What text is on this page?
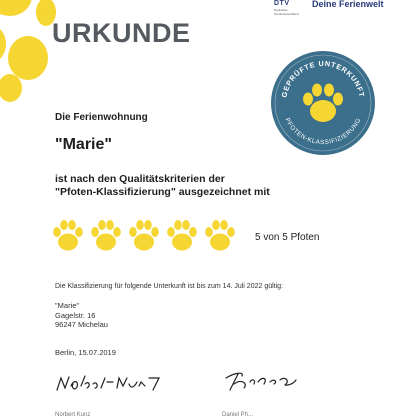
DTV
Deutscher Tourismusverband
Deine Ferienwelt
URKUNDE
GEPRÜFTE UNTERKUNFT
PFOTEN-KLASSIFIZIERUNG
Die Ferienwohnung
"Marie"
ist nach den Qualitätskriterien der
"Pfoten-Klassifizierung" ausgezeichnet mit
5 von 5 Pfoten
Die Klassifizierung für folgende Unterkunft ist bis zum 14. Juli 2022 gültig:
"Marie"
Gagelstr. 16
96247 Michelau
Berlin, 15.07.2019
Norbert Kunz	Daniel Ph...
